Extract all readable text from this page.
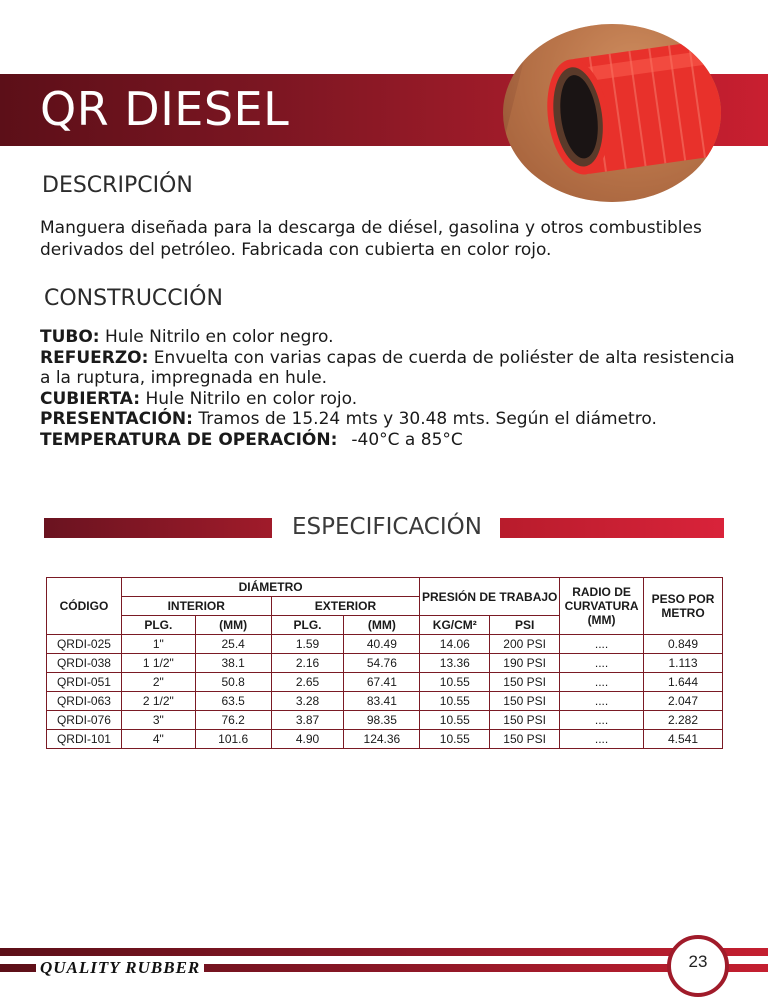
QR DIESEL
DESCRIPCIÓN
Manguera diseñada para la descarga de diésel, gasolina y otros combustibles
derivados del petróleo. Fabricada con cubierta en color rojo.
CONSTRUCCIÓN
TUBO: Hule Nitrilo en color negro.
REFUERZO: Envuelta con varias capas de cuerda de poliéster de alta resistencia
a la ruptura, impregnada en hule.
CUBIERTA: Hule Nitrilo en color rojo.
PRESENTACIÓN: Tramos de 15.24 mts y 30.48 mts. Según el diámetro.
TEMPERATURA DE OPERACIÓN: -40°C a 85°C
ESPECIFICACIÓN
CÓDIGO	DIÁMETRO				PRESIÓN DE TRABAJO		RADIO DE CURVATURA (MM)	PESO POR METRO
	INTERIOR		EXTERIOR					
	PLG.	(MM)	PLG.	(MM)	KG/CM²	PSI		
QRDI-025	1"	25.4	1.59	40.49	14.06	200 PSI	....	0.849
QRDI-038	1 1/2"	38.1	2.16	54.76	13.36	190 PSI	....	1.113
QRDI-051	2"	50.8	2.65	67.41	10.55	150 PSI	....	1.644
QRDI-063	2 1/2"	63.5	3.28	83.41	10.55	150 PSI	....	2.047
QRDI-076	3"	76.2	3.87	98.35	10.55	150 PSI	....	2.282
QRDI-101	4"	101.6	4.90	124.36	10.55	150 PSI	....	4.541
QUALITY RUBBER	23
